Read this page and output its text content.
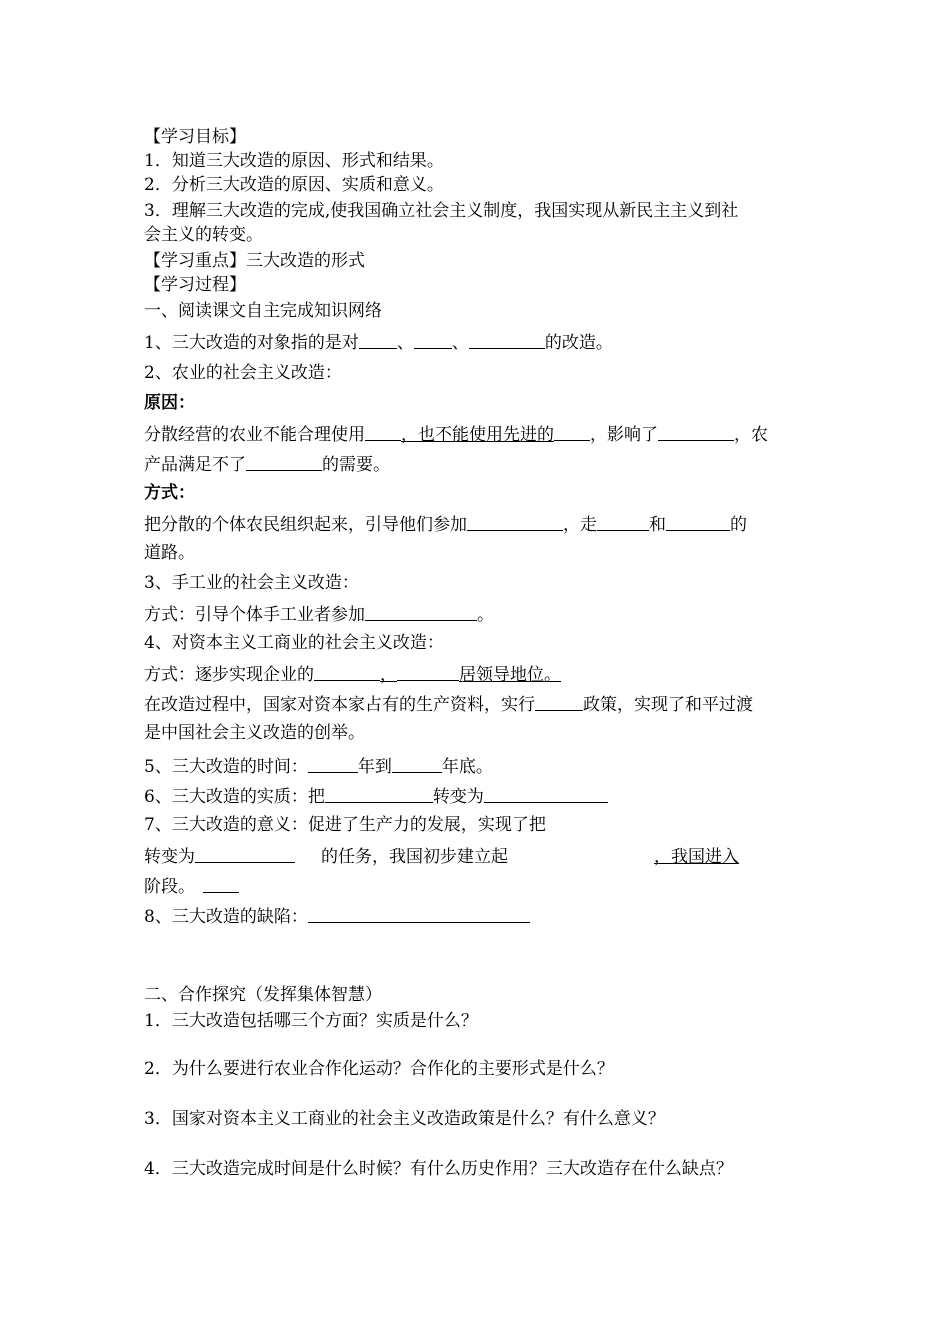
【学习目标】
1．知道三大改造的原因、形式和结果。
2．分析三大改造的原因、实质和意义。
3．理解三大改造的完成,使我国确立社会主义制度，我国实现从新民主主义到社
会主义的转变。
【学习重点】三大改造的形式
【学习过程】
一、阅读课文自主完成知识网络
1、三大改造的对象指的是对 、 、	的改造。
2、农业的社会主义改造：
原因：
分散经营的农业不能合理使用 ，也不能使用先进的 ，影响了	，农
产品满足不了	的需要。
方式：
把分散的个体农民组织起来，引导他们参加	，走	和	的
道路。
3、手工业的社会主义改造：
方式：引导个体手工业者参加	。
4、对资本主义工商业的社会主义改造：
方式：逐步实现企业的	，	居领导地位。
在改造过程中，国家对资本家占有的生产资料，实行	政策，实现了和平过渡
是中国社会主义改造的创举。
5、三大改造的时间：	年到	年底。
6、三大改造的实质：把	转变为
7、三大改造的意义：促进了生产力的发展，实现了把
转变为	的任务，我国初步建立起	，我国进入
阶段。
8、三大改造的缺陷：
二、合作探究（发挥集体智慧）
1．三大改造包括哪三个方面？实质是什么？
2．为什么要进行农业合作化运动？合作化的主要形式是什么？
3．国家对资本主义工商业的社会主义改造政策是什么？有什么意义？
4．三大改造完成时间是什么时候？有什么历史作用？三大改造存在什么缺点？
